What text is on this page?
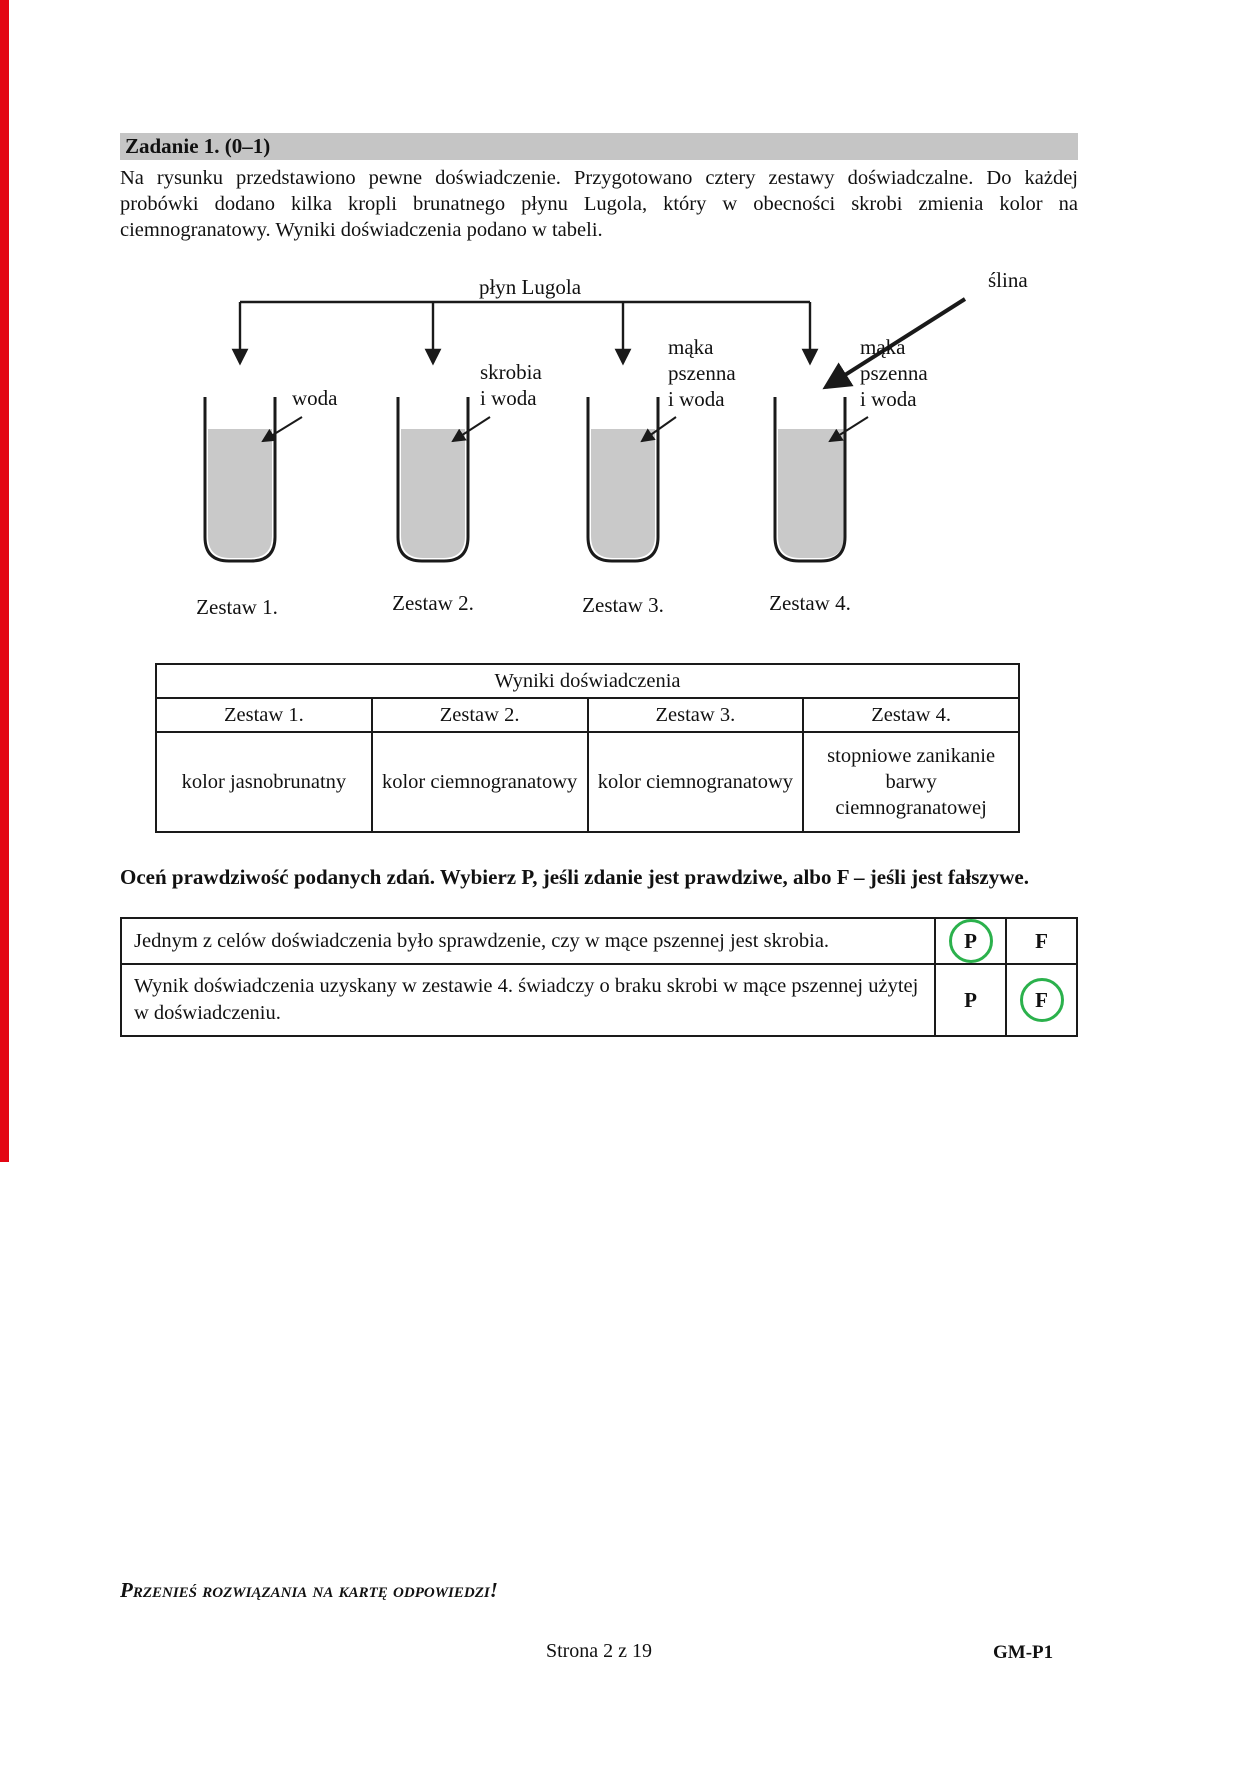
Zadanie 1. (0–1)
Na rysunku przedstawiono pewne doświadczenie. Przygotowano cztery zestawy doświadczalne. Do każdej probówki dodano kilka kropli brunatnego płynu Lugola, który w obecności skrobi zmienia kolor na ciemnogranatowy. Wyniki doświadczenia podano w tabeli.
płyn Lugola	ślina
woda
skrobia
i woda
mąka
pszenna
i woda
mąka
pszenna
i woda
Zestaw 1.	Zestaw 2.	Zestaw 3.	Zestaw 4.
Wyniki doświadczenia			
Zestaw 1.	Zestaw 2.	Zestaw 3.	Zestaw 4.
kolor jasnobrunatny	kolor ciemnogranatowy	kolor ciemnogranatowy	stopniowe zanikanie barwy ciemnogranatowej
Oceń prawdziwość podanych zdań. Wybierz P, jeśli zdanie jest prawdziwe, albo F – jeśli jest fałszywe.
Jednym z celów doświadczenia było sprawdzenie, czy w mące pszennej jest skrobia.	P	F
Wynik doświadczenia uzyskany w zestawie 4. świadczy o braku skrobi w mące pszennej użytej w doświadczeniu.	P	F
Przenieś rozwiązania na kartę odpowiedzi!
Strona 2 z 19	GM-P1
